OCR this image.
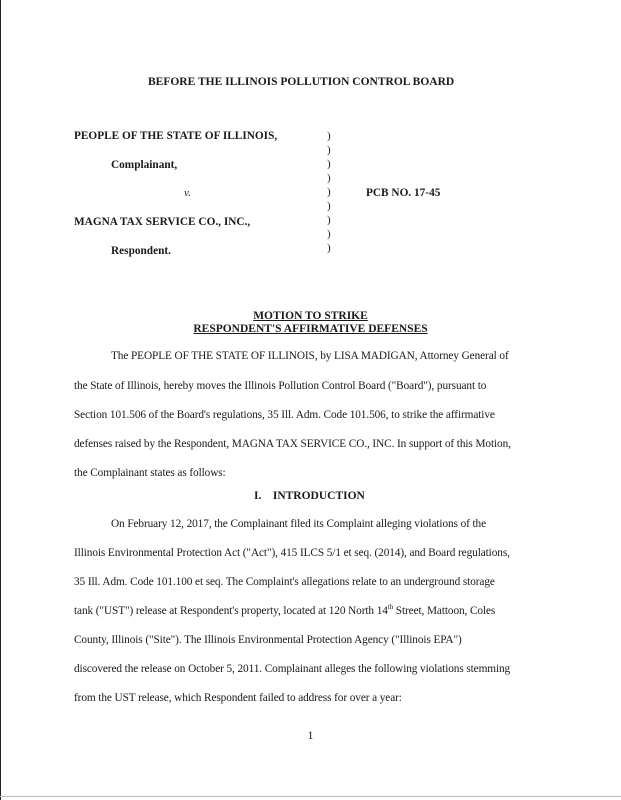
BEFORE THE ILLINOIS POLLUTION CONTROL BOARD
PEOPLE OF THE STATE OF ILLINOIS,
Complainant,
v.
MAGNA TAX SERVICE CO., INC.,
Respondent.
PCB NO. 17-45
)
)
)
)
)
)
)
)
)
MOTION TO STRIKE
RESPONDENT'S AFFIRMATIVE DEFENSES
The PEOPLE OF THE STATE OF ILLINOIS, by LISA MADIGAN, Attorney General of
the State of Illinois, hereby moves the Illinois Pollution Control Board ("Board"), pursuant to
Section 101.506 of the Board's regulations, 35 Ill. Adm. Code 101.506, to strike the affirmative
defenses raised by the Respondent, MAGNA TAX SERVICE CO., INC. In support of this Motion,
the Complainant states as follows:
I.    INTRODUCTION
On February 12, 2017, the Complainant filed its Complaint alleging violations of the
Illinois Environmental Protection Act ("Act"), 415 ILCS 5/1 et seq. (2014), and Board regulations,
35 Ill. Adm. Code 101.100 et seq. The Complaint's allegations relate to an underground storage
tank ("UST") release at Respondent's property, located at 120 North 14th Street, Mattoon, Coles
County, Illinois ("Site"). The Illinois Environmental Protection Agency ("Illinois EPA")
discovered the release on October 5, 2011. Complainant alleges the following violations stemming
from the UST release, which Respondent failed to address for over a year:
1
